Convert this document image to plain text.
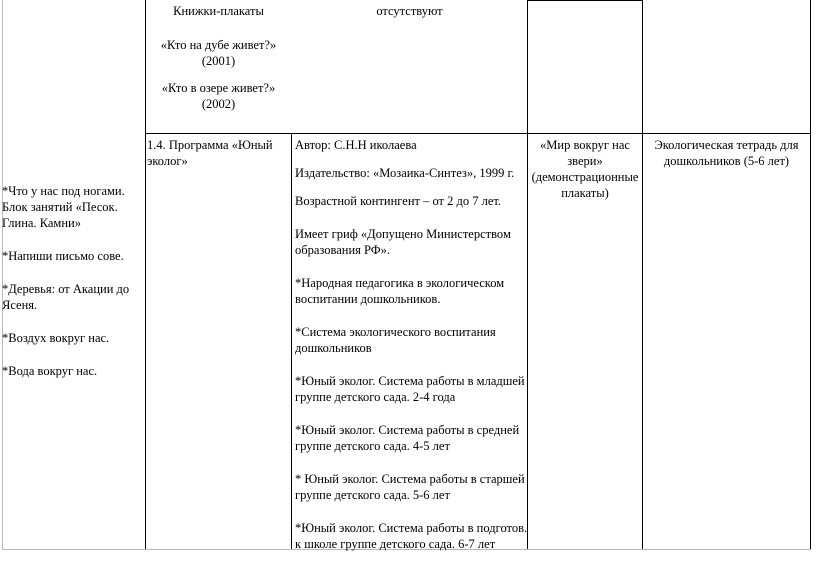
Книжки-плакаты
«Кто на дубе живет?» (2001)
«Кто в озере живет?» (2002)
отсутствуют

*Что у нас под ногами. Блок занятий «Песок. Глина. Камни»

*Напиши письмо сове.

*Деревья: от Акации до Ясеня.

*Воздух вокруг нас.

*Вода вокруг нас.

1.4. Программа «Юный эколог»

Автор: С.Н.Н иколаева

Издательство: «Мозаика-Синтез», 1999 г.

Возрастной контингент – от 2 до 7 лет.

Имеет гриф «Допущено Министерством образования РФ».

*Народная педагогика в экологическом воспитании дошкольников.

*Система экологического воспитания дошкольников

*Юный эколог. Система работы в младшей группе детского сада. 2-4 года

*Юный эколог. Система работы в средней группе детского сада. 4-5 лет

* Юный эколог. Система работы в старшей группе детского сада. 5-6 лет

*Юный эколог. Система работы в подготов. к школе группе детского сада. 6-7 лет

«Мир вокруг нас звери» (демонстрационные плакаты)
Экологическая тетрадь для дошкольников (5-6 лет)
